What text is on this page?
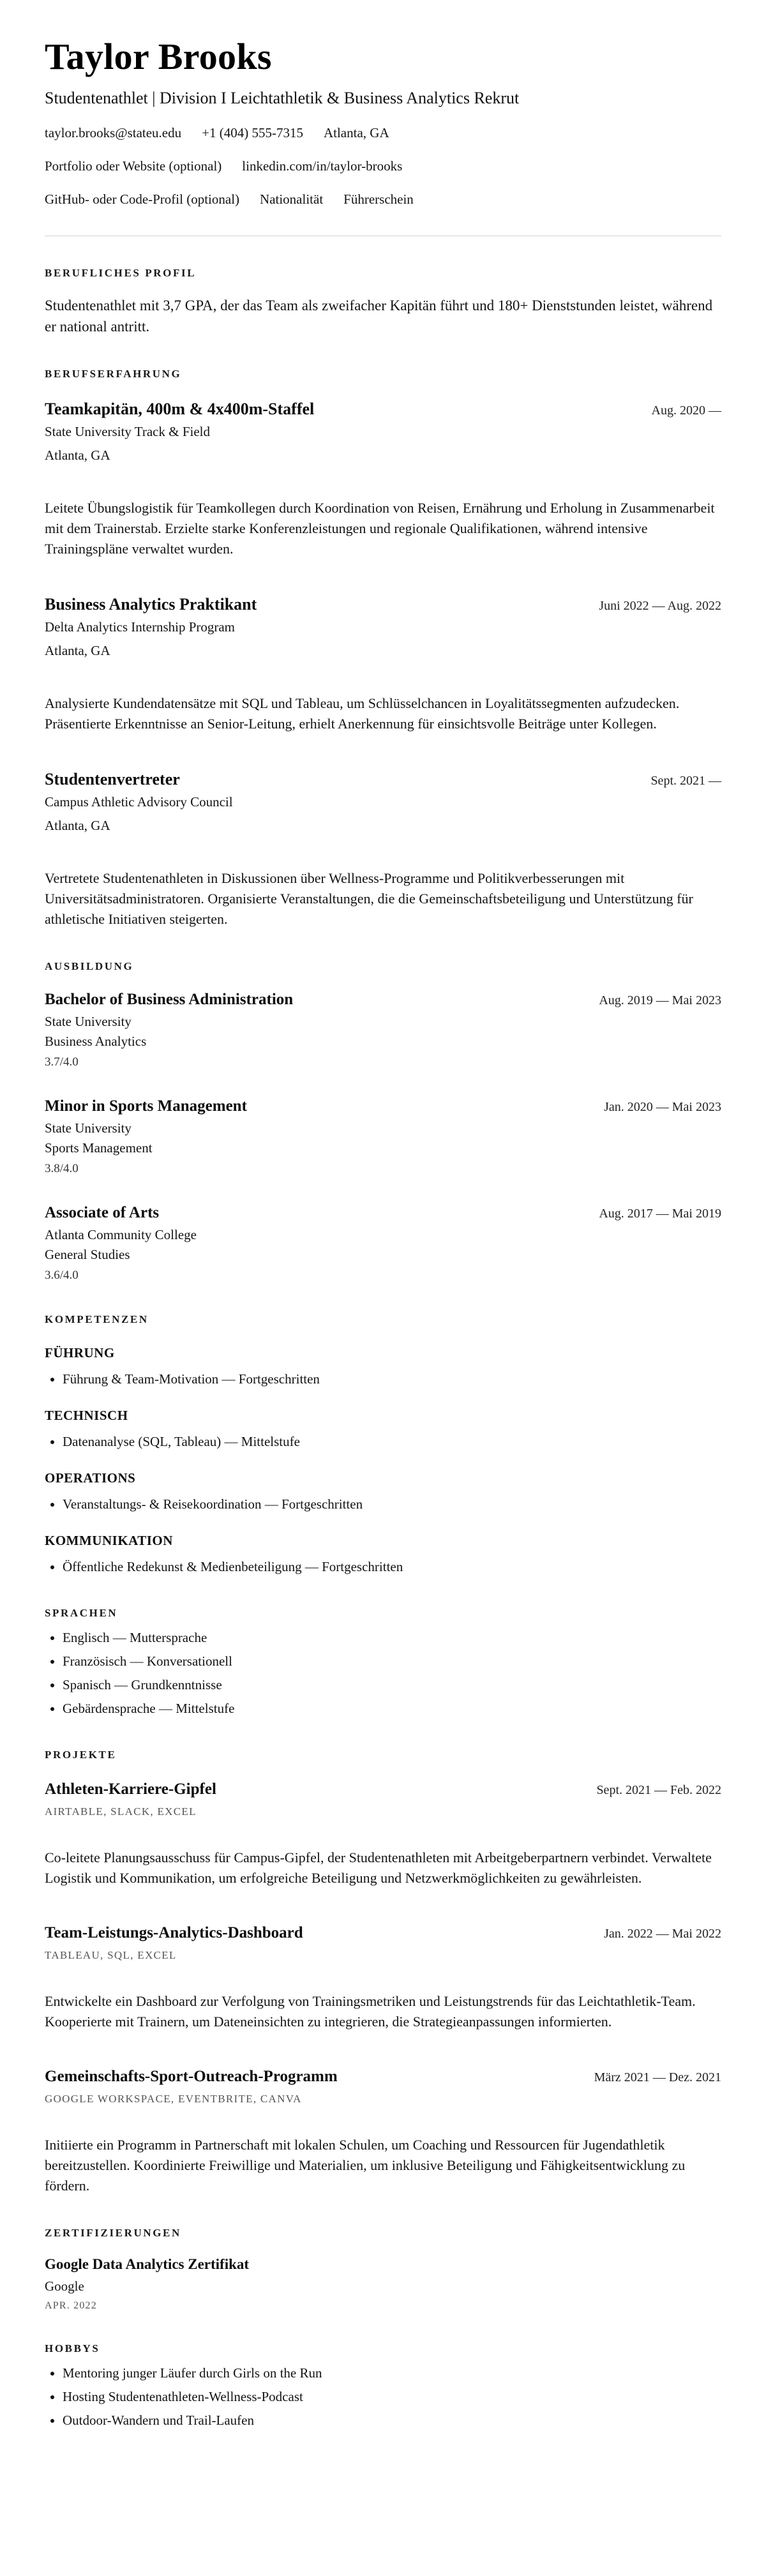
Taylor Brooks
Studentenathlet | Division I Leichtathletik & Business Analytics Rekrut
taylor.brooks@stateu.edu +1 (404) 555-7315 Atlanta, GA
Portfolio oder Website (optional) linkedin.com/in/taylor-brooks
GitHub- oder Code-Profil (optional) Nationalität Führerschein
BERUFLICHES PROFIL

Studentenathlet mit 3,7 GPA, der das Team als zweifacher Kapitän führt und 180+ Dienststunden leistet, während er national antritt.

BERUFSERFAHRUNG
Teamkapitän, 400m & 4x400m-Staffel	Aug. 2020 —
State University Track & Field
Atlanta, GA

Leitete Übungslogistik für Teamkollegen durch Koordination von Reisen, Ernährung und Erholung in Zusammenarbeit mit dem Trainerstab. Erzielte starke Konferenzleistungen und regionale Qualifikationen, während intensive Trainingspläne verwaltet wurden.

Business Analytics Praktikant	Juni 2022 — Aug. 2022
Delta Analytics Internship Program
Atlanta, GA

Analysierte Kundendatensätze mit SQL und Tableau, um Schlüsselchancen in Loyalitätssegmenten aufzudecken. Präsentierte Erkenntnisse an Senior-Leitung, erhielt Anerkennung für einsichtsvolle Beiträge unter Kollegen.

Studentenvertreter	Sept. 2021 —
Campus Athletic Advisory Council
Atlanta, GA

Vertretete Studentenathleten in Diskussionen über Wellness-Programme und Politikverbesserungen mit Universitätsadministratoren. Organisierte Veranstaltungen, die die Gemeinschaftsbeteiligung und Unterstützung für athletische Initiativen steigerten.

AUSBILDUNG
Bachelor of Business Administration	Aug. 2019 — Mai 2023
State University
Business Analytics
3.7/4.0
Minor in Sports Management	Jan. 2020 — Mai 2023
State University
Sports Management
3.8/4.0
Associate of Arts	Aug. 2017 — Mai 2019
Atlanta Community College
General Studies
3.6/4.0
KOMPETENZEN
FÜHRUNG
• Führung & Team-Motivation — Fortgeschritten
TECHNISCH
• Datenanalyse (SQL, Tableau) — Mittelstufe
OPERATIONS
• Veranstaltungs- & Reisekoordination — Fortgeschritten
KOMMUNIKATION
• Öffentliche Redekunst & Medienbeteiligung — Fortgeschritten
SPRACHEN
• Englisch — Muttersprache
• Französisch — Konversationell
• Spanisch — Grundkenntnisse
• Gebärdensprache — Mittelstufe
PROJEKTE
Athleten-Karriere-Gipfel	Sept. 2021 — Feb. 2022
AIRTABLE, SLACK, EXCEL

Co-leitete Planungsausschuss für Campus-Gipfel, der Studentenathleten mit Arbeitgeberpartnern verbindet. Verwaltete Logistik und Kommunikation, um erfolgreiche Beteiligung und Netzwerkmöglichkeiten zu gewährleisten.

Team-Leistungs-Analytics-Dashboard	Jan. 2022 — Mai 2022
TABLEAU, SQL, EXCEL

Entwickelte ein Dashboard zur Verfolgung von Trainingsmetriken und Leistungstrends für das Leichtathletik-Team. Kooperierte mit Trainern, um Dateneinsichten zu integrieren, die Strategieanpassungen informierten.

Gemeinschafts-Sport-Outreach-Programm	März 2021 — Dez. 2021
GOOGLE WORKSPACE, EVENTBRITE, CANVA

Initiierte ein Programm in Partnerschaft mit lokalen Schulen, um Coaching und Ressourcen für Jugendathletik bereitzustellen. Koordinierte Freiwillige und Materialien, um inklusive Beteiligung und Fähigkeitsentwicklung zu fördern.

ZERTIFIZIERUNGEN
Google Data Analytics Zertifikat
Google
APR. 2022
HOBBYS
• Mentoring junger Läufer durch Girls on the Run
• Hosting Studentenathleten-Wellness-Podcast
• Outdoor-Wandern und Trail-Laufen
